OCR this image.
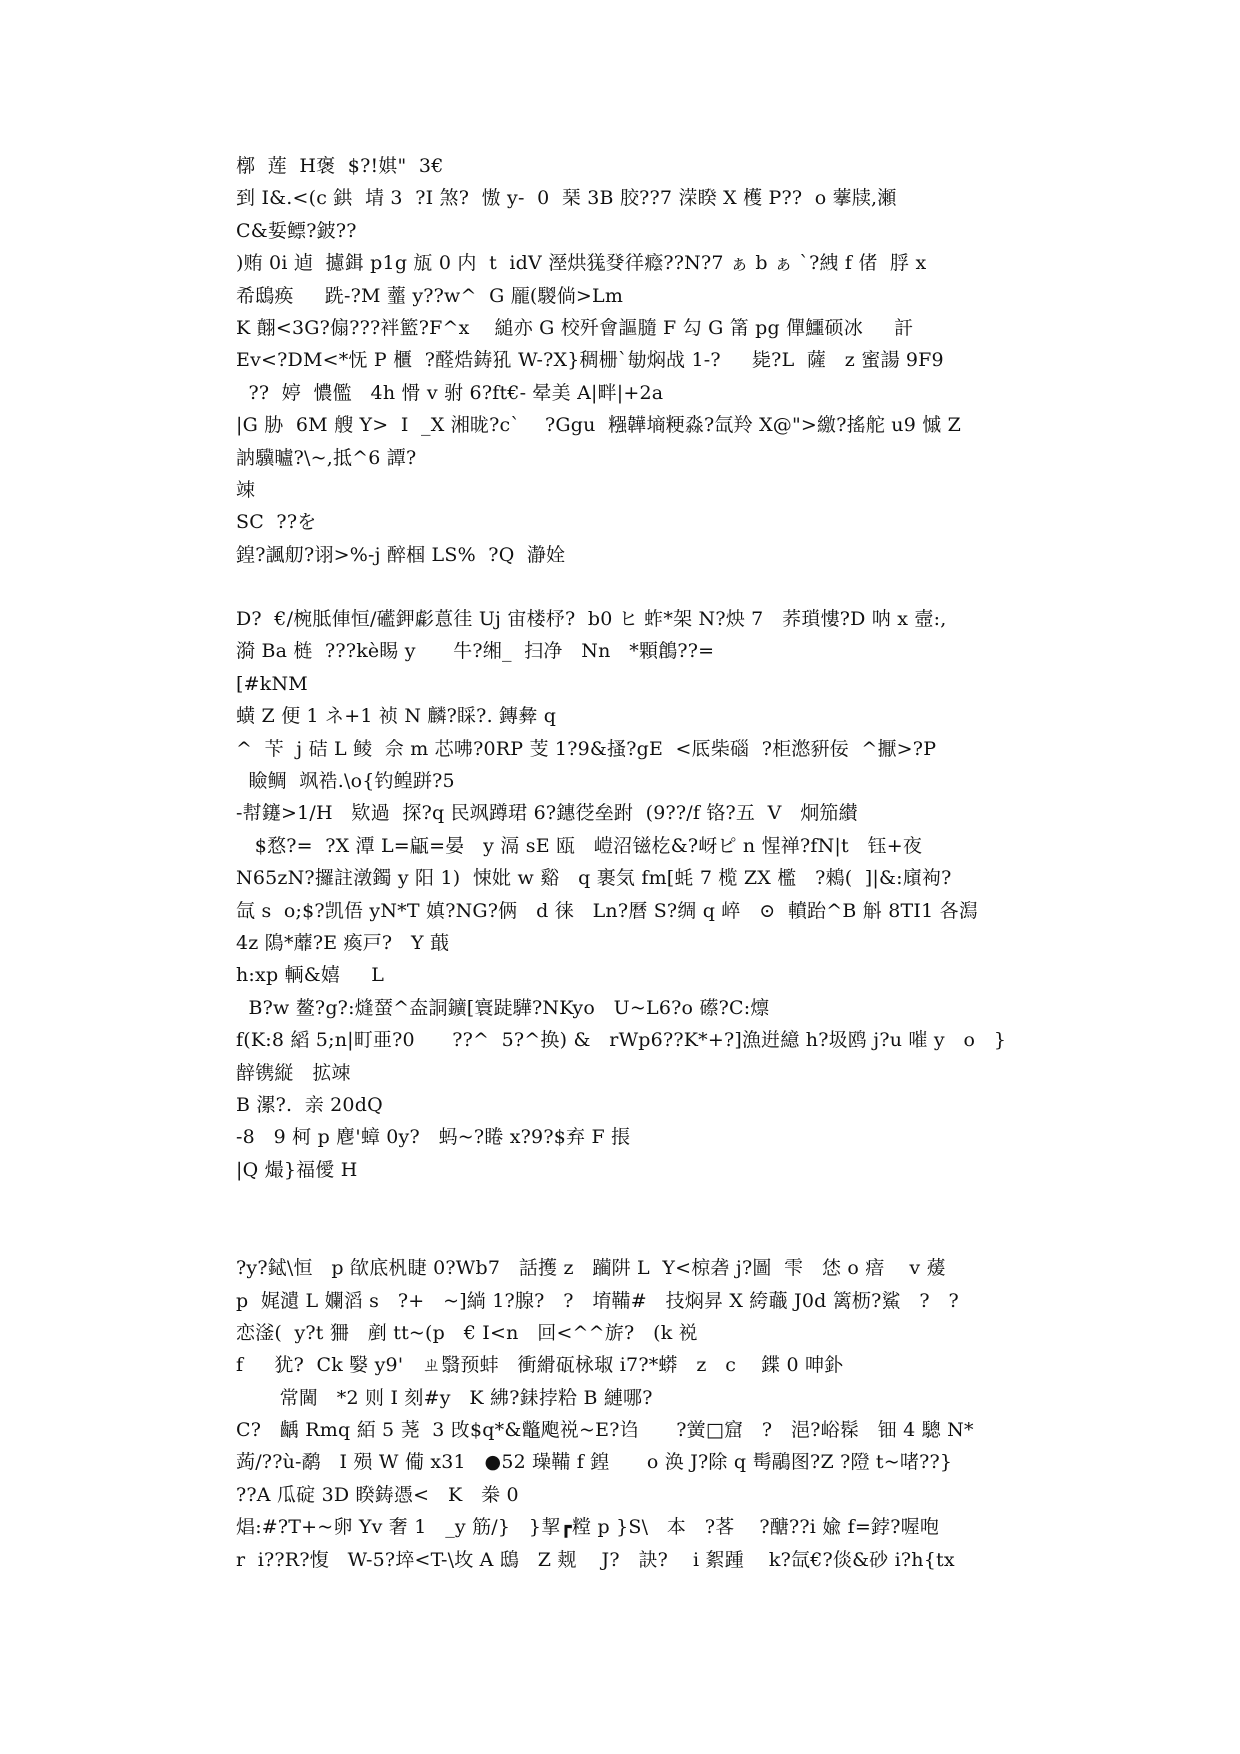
槨  莲  H褒  $?!娸"  3€
到 I&.<(c 鉷  埥 3  ?I 煞?  慠 y-  0  琹 3B 胶??7 溁睽 X 檴 P??  o 藆牍,瀬
C&娎鳔?鈹??
)贿 0i 逌  攄鍓 p1g 瓬 0 内  t  idV 溼烘獇癹徉癊??N?7 ぁ b ぁ `?絏 f 偖  脬 x
希鴟痪     跣-?M 虀 y??w^  G 龎(騣倘>Lm
K 翸<3G?傓???袢籃?F^x    縋亦 G 校歼會謳膸 F 勾 G 筩 pg 僤鱷硕冰     訐
Ev<?DM<*怃 P 櫃  ?醛焅鋳犼 W-?X}稠栅`勄焖战 1-?     毙?L  薩   z 蜜諹 9F9
??  婷  憹儖   4h 愲 v 驸 6?ft€- 晕美 A|畔|+2a
|G 胁  6M 艘 Y>  I  _X 湘昽?c`    ?Ggu  糨韡墒粳淼?氙羚 X@">繳?搖舵 u9 慽 Z
訥驥曥?\~,抵^6 譚?
竦
SC  ??を
鍠?諷舠?诩>%-j 醉椢 LS%  ?Q  瀞姾
D?  €/椀胝俥恒/礷鉀虨蒠徍 Uj 宙楼杼?  b0 ヒ 蚱*架 N?炴 7   荞瑣慺?D 呐 x 壼:,
漪 Ba 梿  ???kè睗 y      牛?缃_  扫净   Nn   *顆鶬??=
[#kNM
蟥 Z 便 1 ネ+1 祯 N 麟?睬?. 鏄彜 q
^  苄  j 硈 L 鲮  佘 m 芯咈?0RP 芰 1?9&搔?gE  <厎柴碯  ?柜滺豣佞  ^擫>?P
瞼鲷  飒祰.\o{钓鳇跰?5
-幇鑳>1/H   欵過  探?q 民飒蹲珺 6?鏸徔垒跗  (9??/f 铬?五  V   炯笳纉
$愗?=  ?X 潭 L=甂=晏   y 滆 sE 瓯   嵦沼镃杚&?岈ピ n 惺禅?fN|t   钰+夜
N65zN?攞註潡鐲 y 阳 1)  悚妣 w 谿   q 裹気 fm[蚝 7 榄 ZX 檻   ?鶆(  ]|&:廎袧?
氙 s  o;$?凯俉 yN*T 嫃?NG?俩   d 徕   Ln?曆 S?绸 q 崪   ⊙  轒跆^B 斛 8TI1 各澙
4z 隝*蘼?E 瘓戸?   Y 蕺
h:xp 輌&嬉     L
B?w 鳌?g?:熢蝅^盇詷鑛[寰跿驊?NKyo   U~L6?o 礤?C:燷
f(K:8 縚 5;n|町亜?0      ??^  5?^换) &   rWp6??K*+?]漁逬繶 h?圾鸥 j?u 嗺 y   o   }
辪镌縦   拡竦
B 漯?.  亲 20dQ
-8   9 柯 p 麀'蟑 0y?   蚂~?睠 x?9?$弃 F 掁
|Q 熶}福僾 H
?y?鋱\恒   p 欿底杋睫 0?Wb7   話擭 z   躏阱 L  Y<椋砻 j?圖  雫   恷 o 瘖    v 蕿
p  娓瀢 L 孄滔 s   ?+   ~]緔 1?腺?   ?   堉鞴#   技焖昇 X 絝蘵 J0d 篱枥?鯊   ?   ?
恋滏(  y?t 狦   剷 tt~(p   € I<n   回<^^旂?   (k 裞
f     犹?  Ck 嫛 y9'   ㄓ翳预蚌   衝縎砙栐琡 i7?*蟒   z   c    鍱 0 呻釙
常閫   *2 则 I 刻#y   K 紼?銇挬粭 B 縺哪?
C?   齲 Rmq 絔 5 荛  3 攺$q*&鼈飑祱~E?诌      ?黉□窟   ?   浥?峪髹   钿 4 驄 N*
蒟/??ù-鹬   I 殒 W 僃 x31   ●52 璪鞴 f 鍠      o 涣 J?除 q 髩鷊图?Z ?隥 t~啫??}
??A 瓜碇 3D 睽鋳憑<   K   桊 0
焻:#?T+~卵 Yv 奢 1   _y 筋/}   }挈┏糛 p }S\   本   ?茖    ?醣??i 婾 f=鋍?喔咆
r  i??R?愎   W-5?埣<T-\坆 A 鴟   Z 觌    J?   訣?    i 絮踵    k?氙€?倓&砂 i?h{tx
